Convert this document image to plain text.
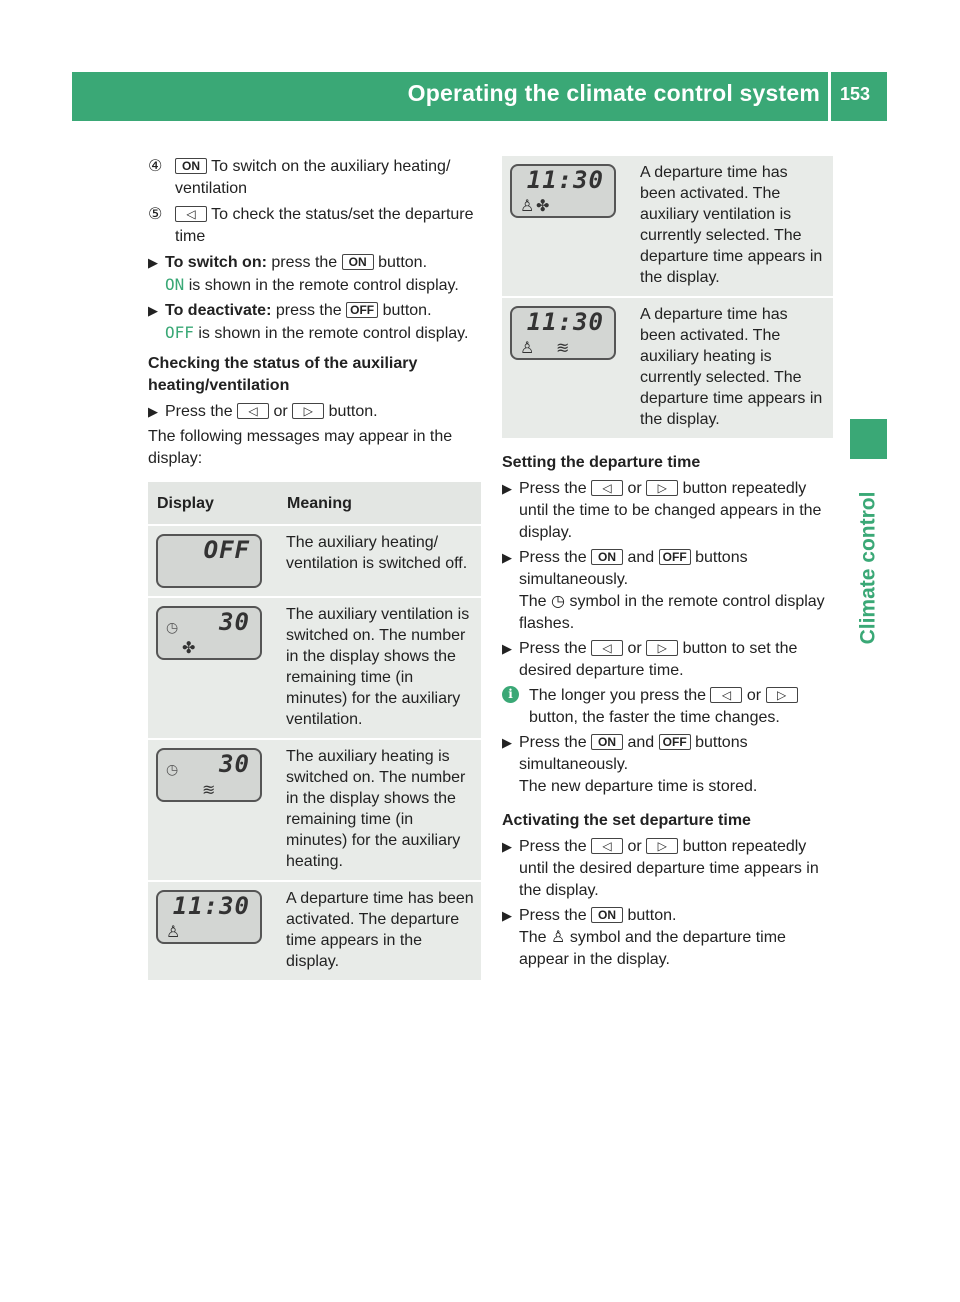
Operating the climate control system 153
Climate control
④ ON To switch on the auxiliary heating/ ventilation
⑤ ◁ To check the status/set the departure time
▶ To switch on: press the ON button.
ON is shown in the remote control display.
▶ To deactivate: press the OFF button.
OFF is shown in the remote control display.

Checking the status of the auxiliary heating/ventilation

▶ Press the ◁ or ▷ button.

The following messages may appear in the display:

Display	Meaning

OFF	The auxiliary heating/ ventilation is switched off.

◷ 30
✤	The auxiliary ventilation is switched on. The number in the display shows the remaining time (in minutes) for the auxiliary ventilation.

◷ 30
≋	The auxiliary heating is switched on. The number in the display shows the remaining time (in minutes) for the auxiliary heating.

11:30
♙	A departure time has been activated. The departure time appears in the display.
11:30
♙ ✤	A departure time has been activated. The auxiliary ventilation is currently selected. The departure time appears in the display.

11:30
♙ ≋	A departure time has been activated. The auxiliary heating is currently selected. The departure time appears in the display.

Setting the departure time

▶ Press the ◁ or ▷ button repeatedly until the time to be changed appears in the display.
▶ Press the ON and OFF buttons simultaneously.
The ◷ symbol in the remote control display flashes.
▶ Press the ◁ or ▷ button to set the desired departure time.
i	The longer you press the ◁ or ▷ button, the faster the time changes.
▶ Press the ON and OFF buttons simultaneously.
The new departure time is stored.

Activating the set departure time

▶ Press the ◁ or ▷ button repeatedly until the desired departure time appears in the display.
▶ Press the ON button.
The ♙ symbol and the departure time appear in the display.
